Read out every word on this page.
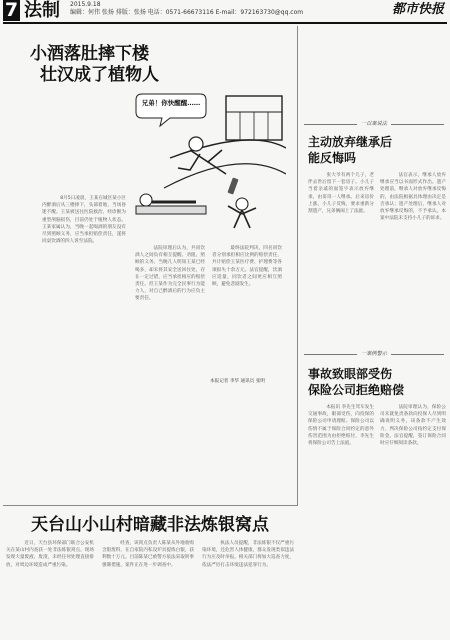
7 法制 2015.9.18
编辑：何伟 张扬 排版：张扬 电话：0571-66673116 E-mail：972163730@qq.com	都市快报
小酒落肚摔下楼
壮汉成了植物人
兄弟！你快醒醒……

　　8月5日凌晨，王某在城区某小区内醉酒后从三楼摔下，头部着地，当场昏迷不醒。王某被送往医院救治，经诊断为重型颅脑损伤，目前仍处于植物人状态。王某家属认为，当晚一起喝酒的朋友没有尽到照顾义务，应当承担赔偿责任，遂将同桌饮酒的四人诉至法院。

　　法院审理后认为，共同饮酒人之间负有相互提醒、劝阻、照顾的义务。当晚几人明知王某已经喝多，却未将其安全送回住处，存在一定过错，应当承担相应的赔偿责任。但王某作为完全民事行为能力人，对自己醉酒后的行为应负主要责任。

　　最终法院判决，四名同饮者分别承担相应比例的赔偿责任，共计赔偿王某医疗费、护理费等各项损失十余万元。法官提醒，饮酒应适量，同饮者之间更应相互照顾，避免悲剧发生。

本报记者 李华 通讯员 张明
一以案说法
主动放弃继承后
能反悔吗

　　张大爷有两个儿子，老伴去世后留下一套房子。小儿子当着亲戚的面签字表示放弃继承，由哥哥一人继承。后来房价上涨，小儿子反悔，要求重新分割遗产，兄弟俩闹上了法庭。

　　法官表示，继承人放弃继承应当以书面形式作出。遗产处理前，继承人对放弃继承反悔的，由法院根据具体理由决定是否承认；遗产处理后，继承人对放弃继承反悔的，不予承认。本案中法院未支持小儿子的诉求。

一案例警示
事故致眼部受伤
保险公司拒绝赔偿

　　本报讯 李先生驾车发生交通事故，眼部受伤，向投保的保险公司申请理赔。保险公司以伤情不属于保险合同约定的意外伤害范围为由拒绝赔付，李先生将保险公司告上法庭。

　　法院审理认为，保险公司未就免责条款向投保人尽到明确说明义务，该条款不产生效力，判决保险公司按约定支付保险金。法官提醒，签订保险合同时应仔细阅读条款。

天台山小山村暗藏非法炼银窝点

　　近日，天台县环保部门联合公安机关在某山村内查获一处非法炼银窝点。现场发现大量废液、废渣，未经任何处理直接排放，对周边环境造成严重污染。

　　经查，该窝点负责人陈某从外地收购含银废料，在自家院内私设炉具提炼白银，获利数十万元。目前陈某已被警方依法采取刑事强制措施，案件正在进一步调查中。

　　执法人员提醒，非法炼银不仅严重污染环境，还危害人体健康，群众发现类似违法行为应及时举报。相关部门将加大巡查力度，依法严厉打击环境违法犯罪行为。
